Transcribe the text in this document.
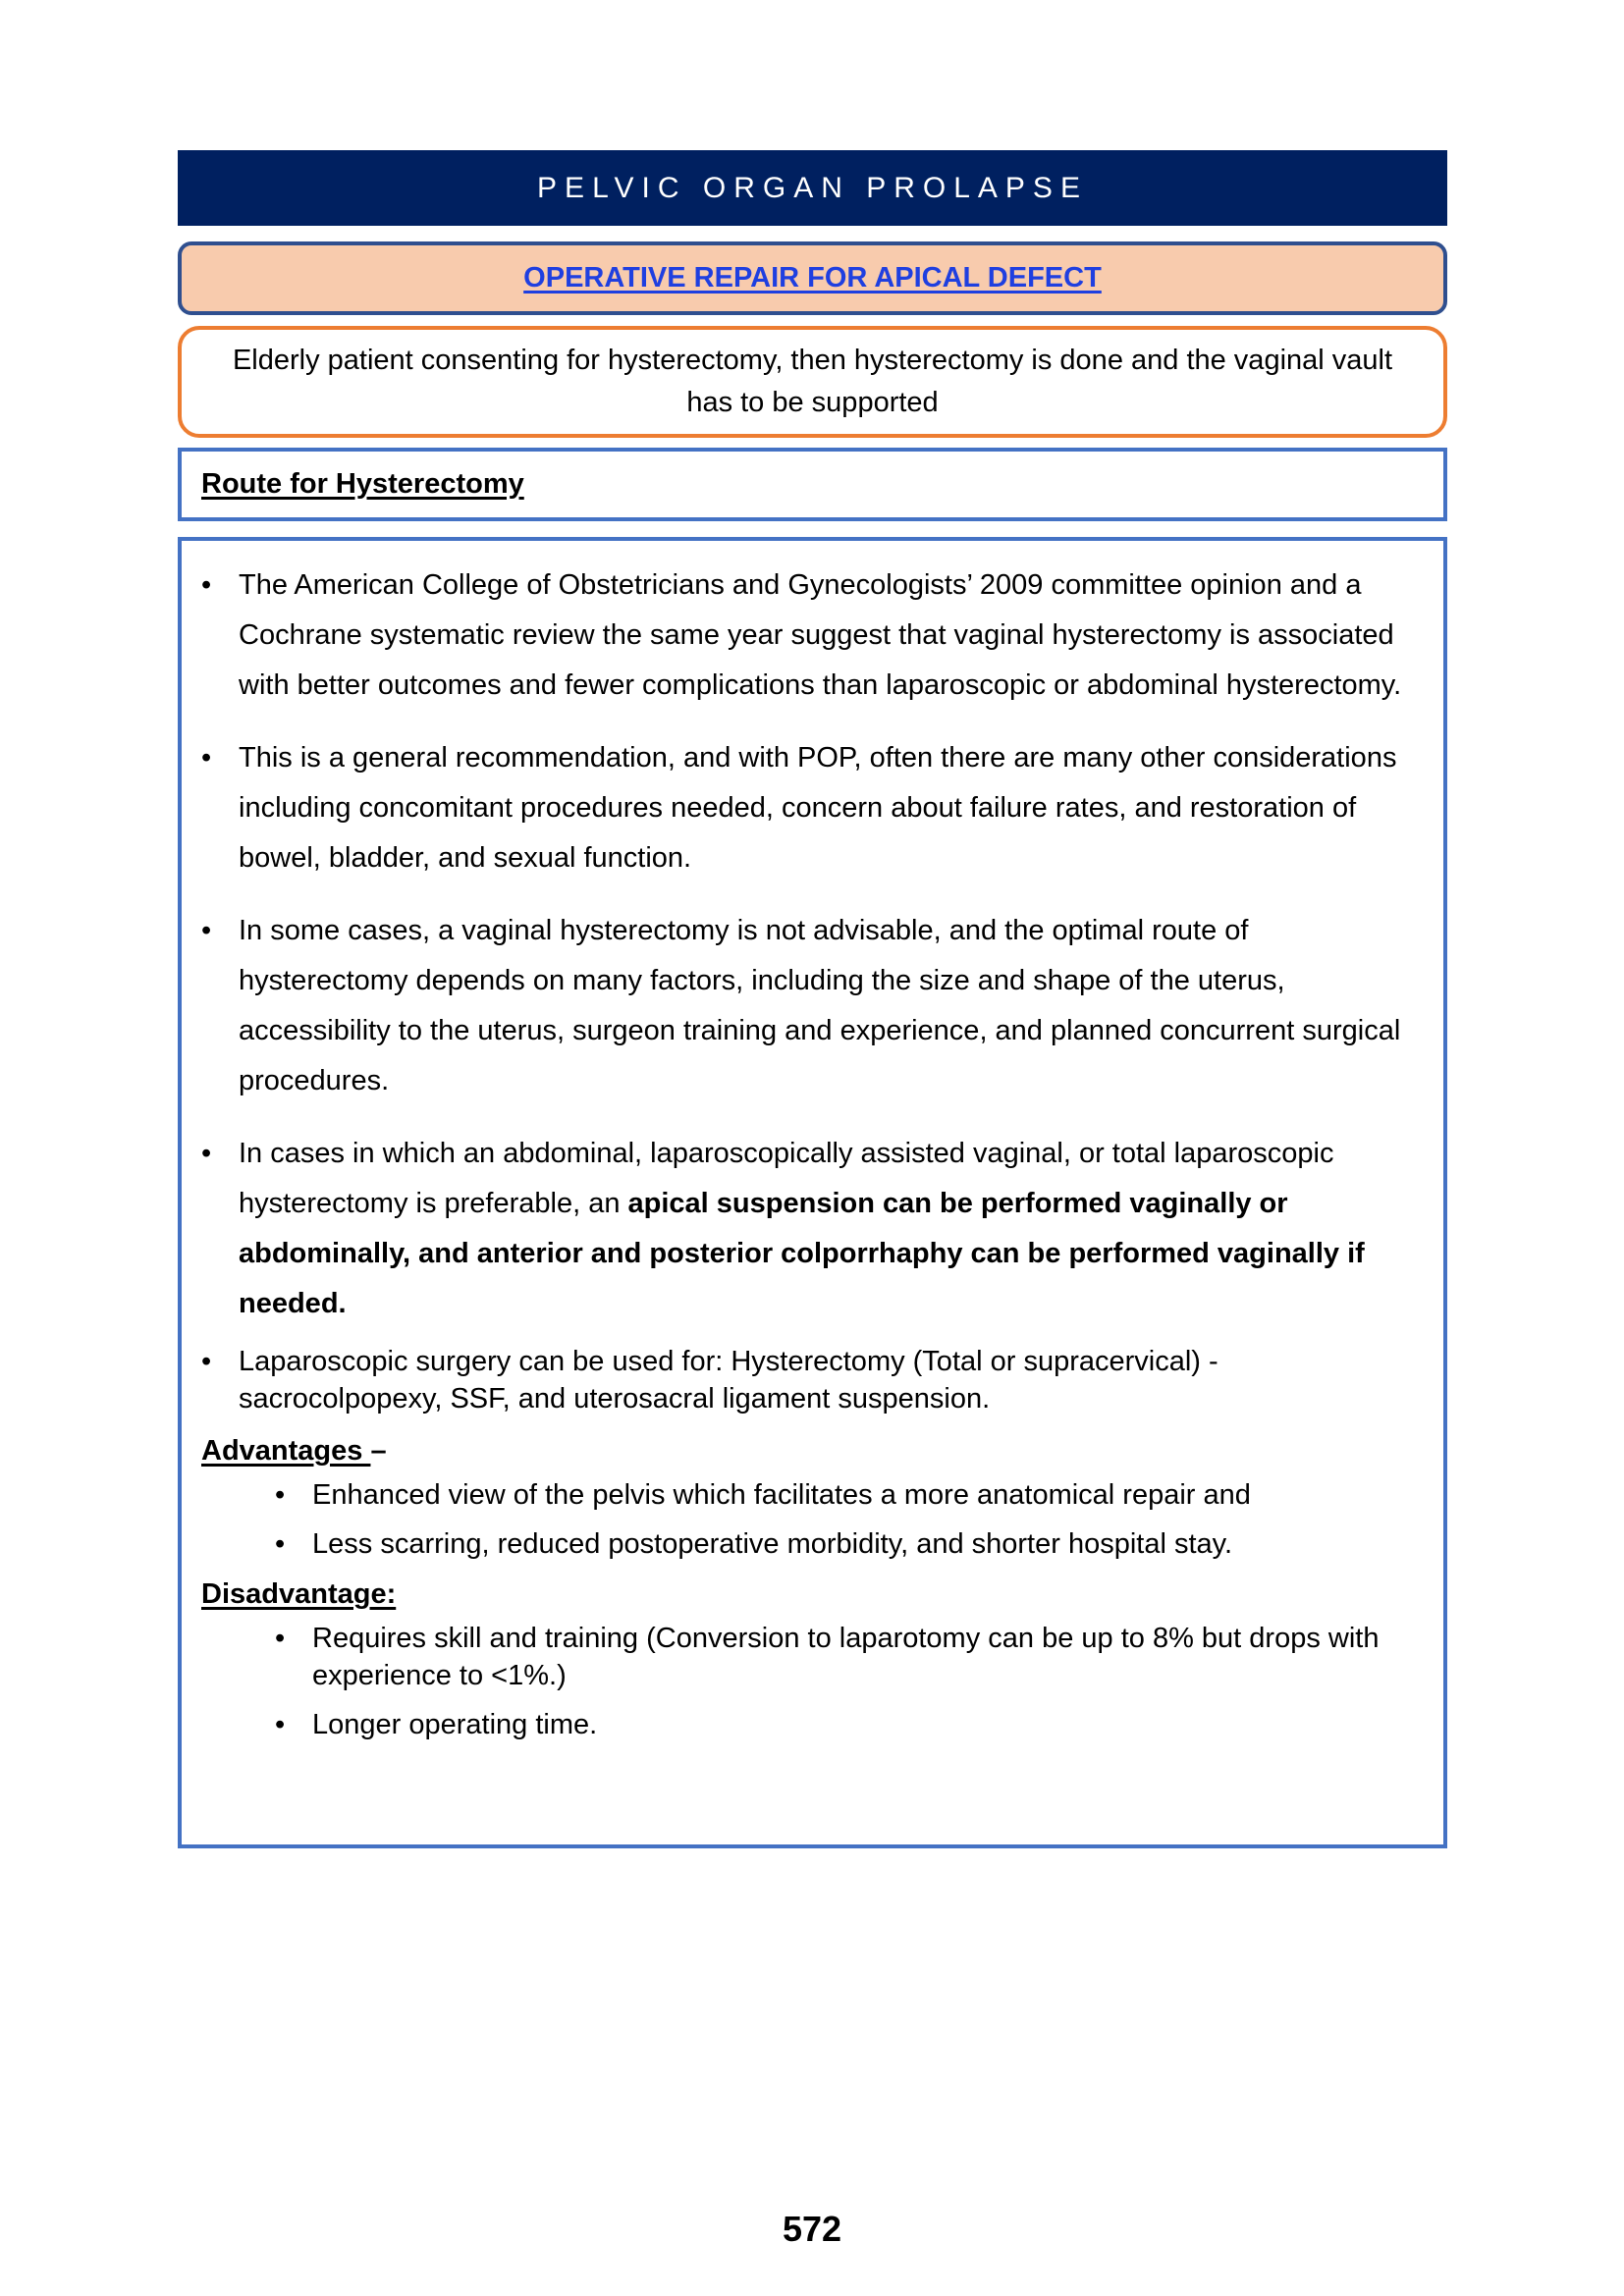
PELVIC ORGAN PROLAPSE
OPERATIVE REPAIR FOR APICAL DEFECT
Elderly patient consenting for hysterectomy, then hysterectomy is done and the vaginal vault has to be supported
Route for Hysterectomy
• The American College of Obstetricians and Gynecologists’ 2009 committee opinion and a Cochrane systematic review the same year suggest that vaginal hysterectomy is associated with better outcomes and fewer complications than laparoscopic or abdominal hysterectomy.
• This is a general recommendation, and with POP, often there are many other considerations including concomitant procedures needed, concern about failure rates, and restoration of bowel, bladder, and sexual function.
• In some cases, a vaginal hysterectomy is not advisable, and the optimal route of hysterectomy depends on many factors, including the size and shape of the uterus, accessibility to the uterus, surgeon training and experience, and planned concurrent surgical procedures.
• In cases in which an abdominal, laparoscopically assisted vaginal, or total laparoscopic hysterectomy is preferable, an apical suspension can be performed vaginally or abdominally, and anterior and posterior colporrhaphy can be performed vaginally if needed.
• Laparoscopic surgery can be used for: Hysterectomy (Total or supracervical) - sacrocolpopexy, SSF, and uterosacral ligament suspension.

Advantages –

• Enhanced view of the pelvis which facilitates a more anatomical repair and
• Less scarring, reduced postoperative morbidity, and shorter hospital stay.

Disadvantage:

• Requires skill and training (Conversion to laparotomy can be up to 8% but drops with experience to <1%.)
• Longer operating time.
572
